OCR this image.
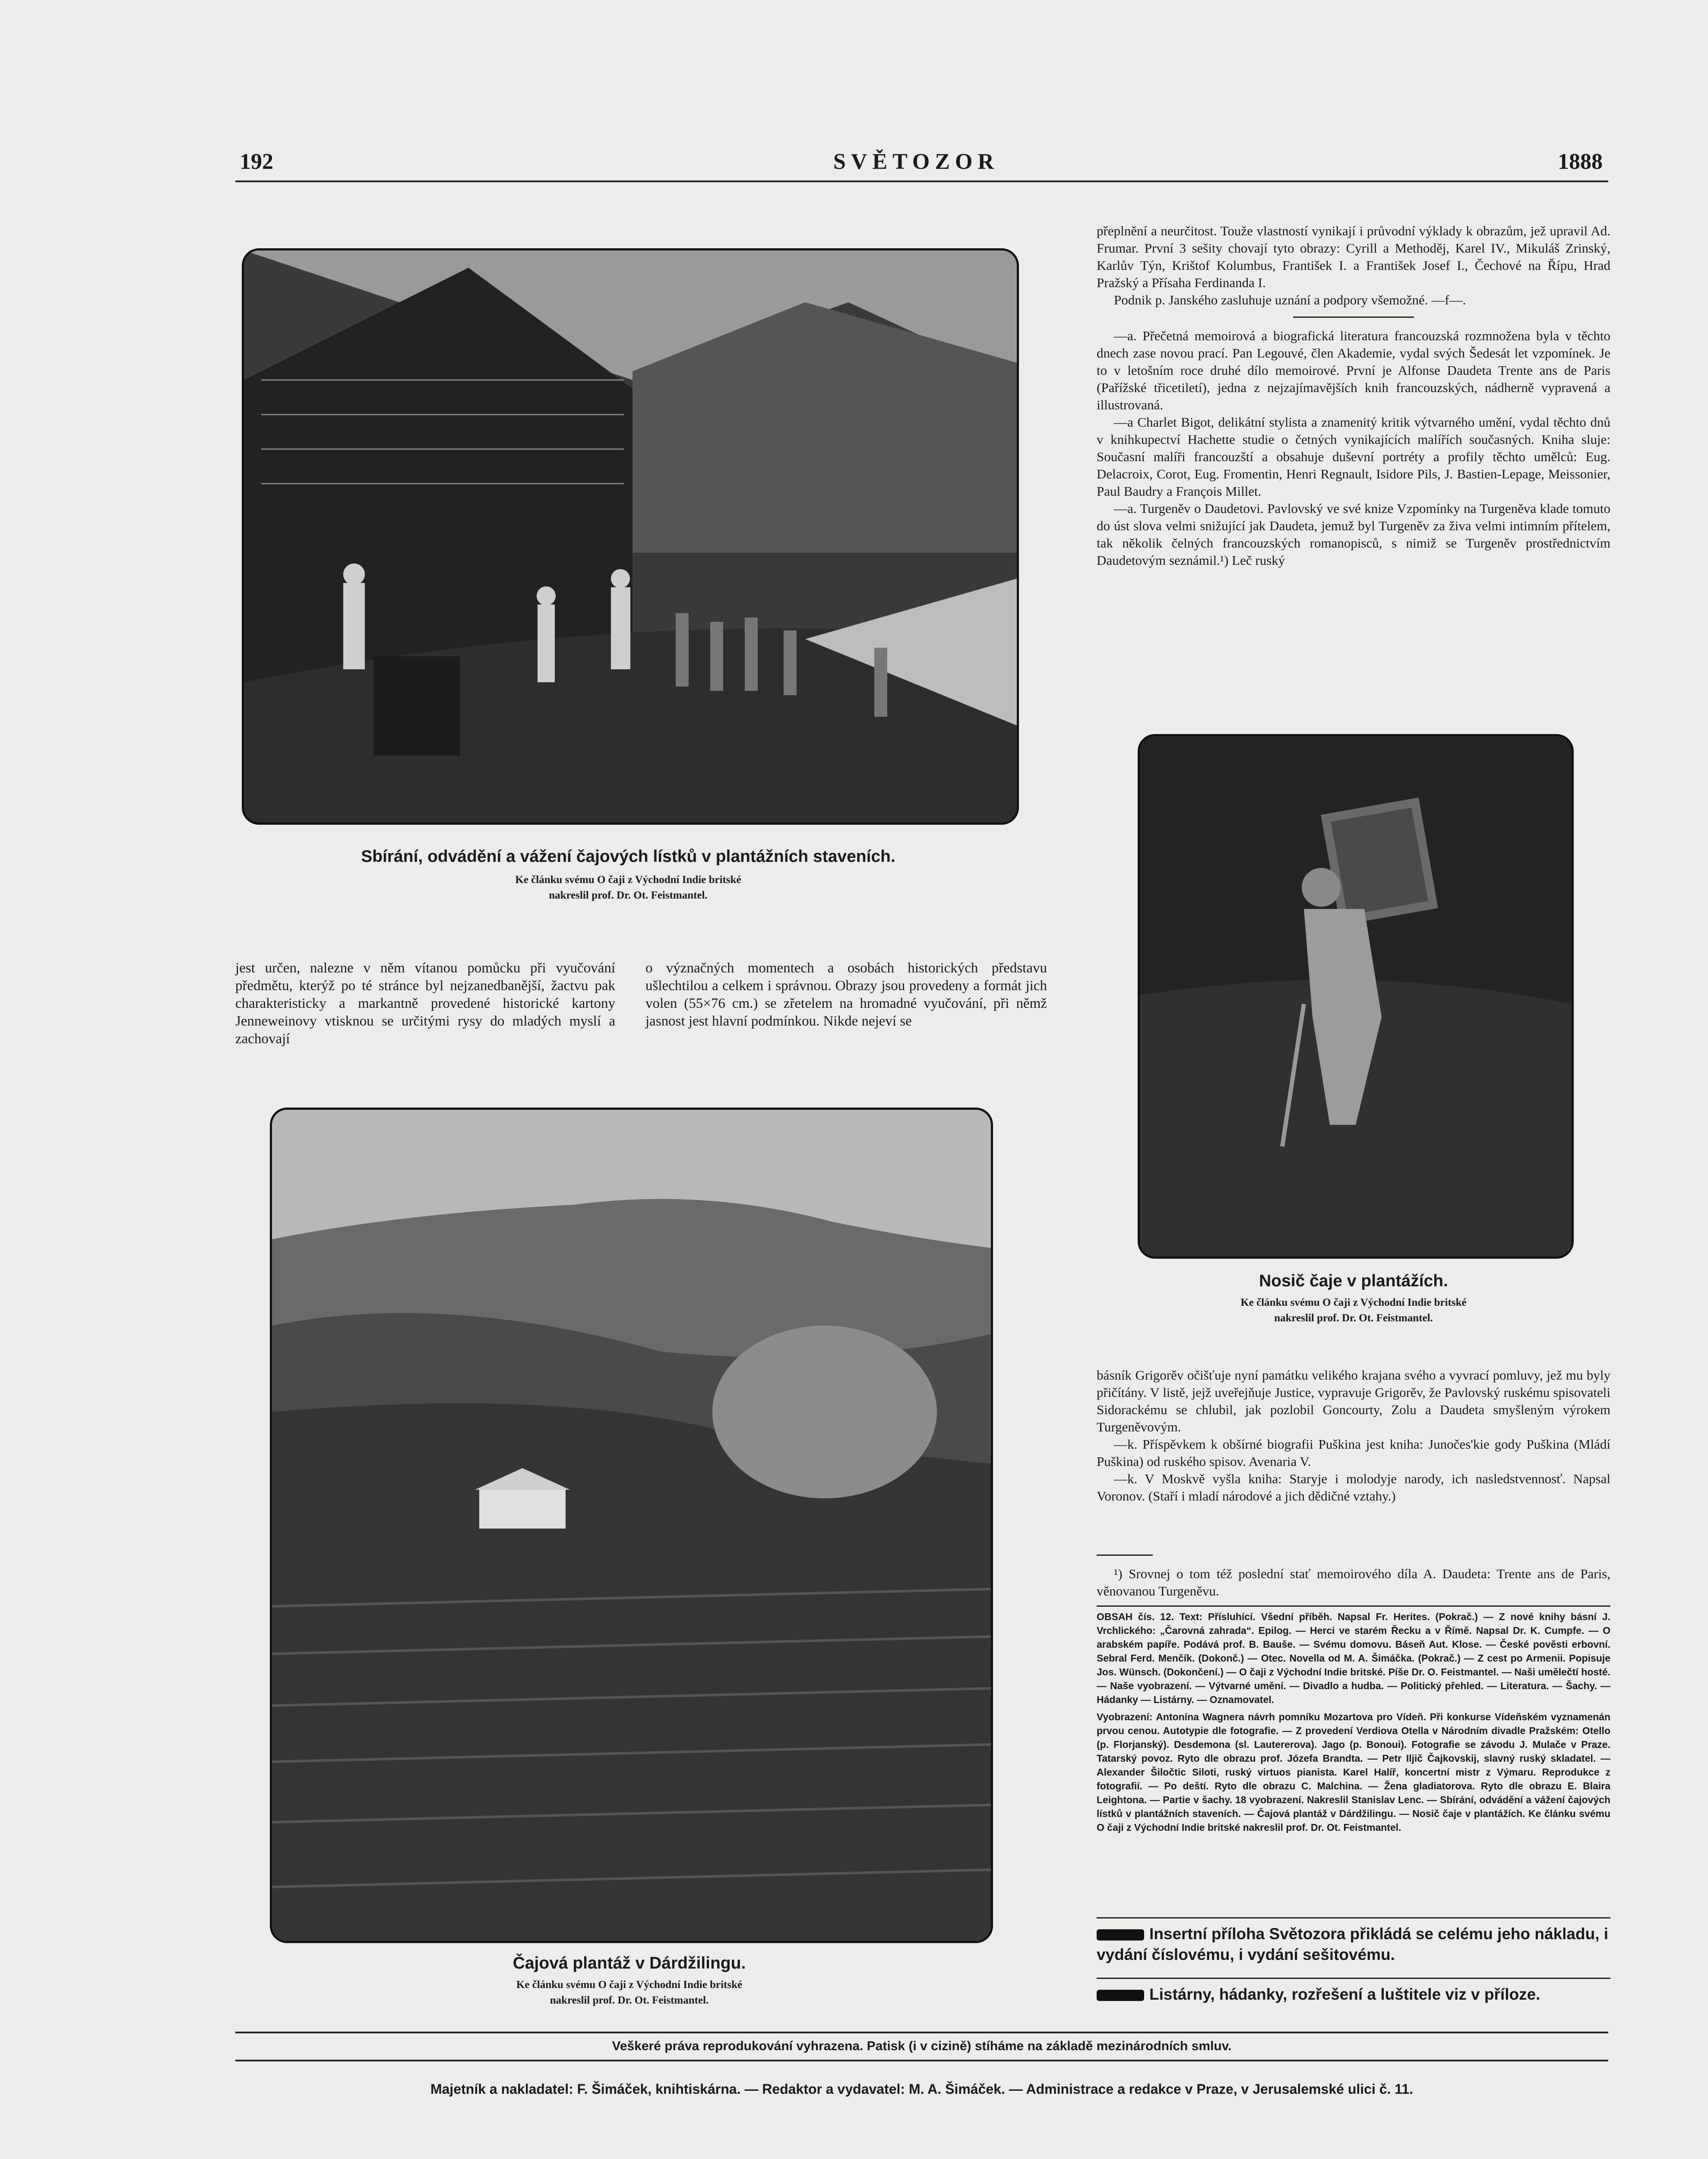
192	SVĚTOZOR	1888
Sbírání, odvádění a vážení čajových lístků v plantážních staveních.
Ke článku svému O čaji z Východní Indie britské
nakreslil prof. Dr. Ot. Feistmantel.

přeplnění a neurčitost. Touže vlastností vynikají i průvodní výklady k obrazům, jež upravil Ad. Frumar. První 3 sešity chovají tyto obrazy: Cyrill a Methoděj, Karel IV., Mikuláš Zrinský, Karlův Týn, Krištof Kolumbus, František I. a František Josef I., Čechové na Řípu, Hrad Pražský a Přísaha Ferdinanda I.

Podnik p. Janského zasluhuje uznání a podpory všemožné. —f—.

—a. Přečetná memoirová a biografická literatura francouzská rozmnožena byla v těchto dnech zase novou prací. Pan Legouvé, člen Akademie, vydal svých Šedesát let vzpomínek. Je to v letošním roce druhé dílo memoirové. První je Alfonse Daudeta Trente ans de Paris (Pařížské třicetiletí), jedna z nejzajímavějších knih francouzských, nádherně vypravená a illustrovaná.

—a Charlet Bigot, delikátní stylista a znamenitý kritik výtvarného umění, vydal těchto dnů v knihkupectví Hachette studie o četných vynikajících malířích současných. Kniha sluje: Současní malíři francouzští a obsahuje duševní portréty a profily těchto umělců: Eug. Delacroix, Corot, Eug. Fromentin, Henri Regnault, Isidore Pils, J. Bastien-Lepage, Meissonier, Paul Baudry a François Millet.

—a. Turgeněv o Daudetovi. Pavlovský ve své knize Vzpomínky na Turgeněva klade tomuto do úst slova velmi snižující jak Daudeta, jemuž byl Turgeněv za živa velmi intimním přítelem, tak několik čelných francouzských romanopisců, s nimiž se Turgeněv prostřednictvím Daudetovým seznámil.¹) Leč ruský

Nosič čaje v plantážích.
Ke článku svému O čaji z Východní Indie britské
nakreslil prof. Dr. Ot. Feistmantel.
jest určen, nalezne v něm vítanou pomůcku při vyučování předmětu, kterýž po té stránce byl nejzanedbanější, žactvu pak charakteristicky a markantně provedené historické kartony Jenneweinovy vtisknou se určitými rysy do mladých myslí a zachovají
o význačných momentech a osobách historických představu ušlechtilou a celkem i správnou. Obrazy jsou provedeny a formát jich volen (55×76 cm.) se zřetelem na hromadné vyučování, při němž jasnost jest hlavní podmínkou. Nikde nejeví se
Čajová plantáž v Dárdžilingu.
Ke článku svému O čaji z Východní Indie britské
nakreslil prof. Dr. Ot. Feistmantel.

básník Grigorěv očišťuje nyní památku velikého krajana svého a vyvrací pomluvy, jež mu byly přičítány. V listě, jejž uveřejňuje Justice, vypravuje Grigorěv, že Pavlovský ruskému spisovateli Sidorackému se chlubil, jak pozlobil Goncourty, Zolu a Daudeta smyšleným výrokem Turgeněvovým.

—k. Příspěvkem k obšírné biografii Puškina jest kniha: Junočes'kie gody Puškina (Mládí Puškina) od ruského spisov. Avenaria V.

—k. V Moskvě vyšla kniha: Staryje i molodyje narody, ich nasledstvennosť. Napsal Voronov. (Staří i mladí národové a jich dědičné vztahy.)

¹) Srovnej o tom též poslední stať memoirového díla A. Daudeta: Trente ans de Paris, věnovanou Turgeněvu.

OBSAH čís. 12. Text: Přísluhící. Všední příběh. Napsal Fr. Herites. (Pokrač.) — Z nové knihy básní J. Vrchlického: „Čarovná zahrada“. Epilog. — Herci ve starém Řecku a v Římě. Napsal Dr. K. Cumpfe. — O arabském papíře. Podává prof. B. Bauše. — Svému domovu. Báseň Aut. Klose. — České pověsti erbovní. Sebral Ferd. Menčík. (Dokonč.) — Otec. Novella od M. A. Šimáčka. (Pokrač.) — Z cest po Armenii. Popisuje Jos. Wünsch. (Dokončení.) — O čaji z Východní Indie britské. Píše Dr. O. Feistmantel. — Naši umělečtí hosté. — Naše vyobrazení. — Výtvarné umění. — Divadlo a hudba. — Politický přehled. — Literatura. — Šachy. — Hádanky — Listárny. — Oznamovatel.

Vyobrazení: Antonína Wagnera návrh pomníku Mozartova pro Vídeň. Při konkurse Vídeňském vyznamenán prvou cenou. Autotypie dle fotografie. — Z provedení Verdiova Otella v Národním divadle Pražském: Otello (p. Florjanský). Desdemona (sl. Lautererova). Jago (p. Bonoui). Fotografie se závodu J. Mulače v Praze. Tatarský povoz. Ryto dle obrazu prof. Józefa Brandta. — Petr Iljič Čajkovskij, slavný ruský skladatel. — Alexander Šiločtic Siloti, ruský virtuos pianista. Karel Halíř, koncertní mistr z Výmaru. Reprodukce z fotografií. — Po deští. Ryto dle obrazu C. Malchina. — Žena gladiatorova. Ryto dle obrazu E. Blaira Leightona. — Partie v šachy. 18 vyobrazení. Nakreslil Stanislav Lenc. — Sbírání, odvádění a vážení čajových lístků v plantážních staveních. — Čajová plantáž v Dárdžilingu. — Nosič čaje v plantážích. Ke článku svému O čaji z Východní Indie britské nakreslil prof. Dr. Ot. Feistmantel.

Insertní příloha Světozora přikládá se celému jeho nákladu, i vydání číslovému, i vydání sešitovému.
Listárny, hádanky, rozřešení a luštitele viz v příloze.
Veškeré práva reprodukování vyhrazena. Patisk (i v cizině) stíháme na základě mezinárodních smluv.
Majetník a nakladatel: F. Šimáček, knihtiskárna. — Redaktor a vydavatel: M. A. Šimáček. — Administrace a redakce v Praze, v Jerusalemské ulici č. 11.
